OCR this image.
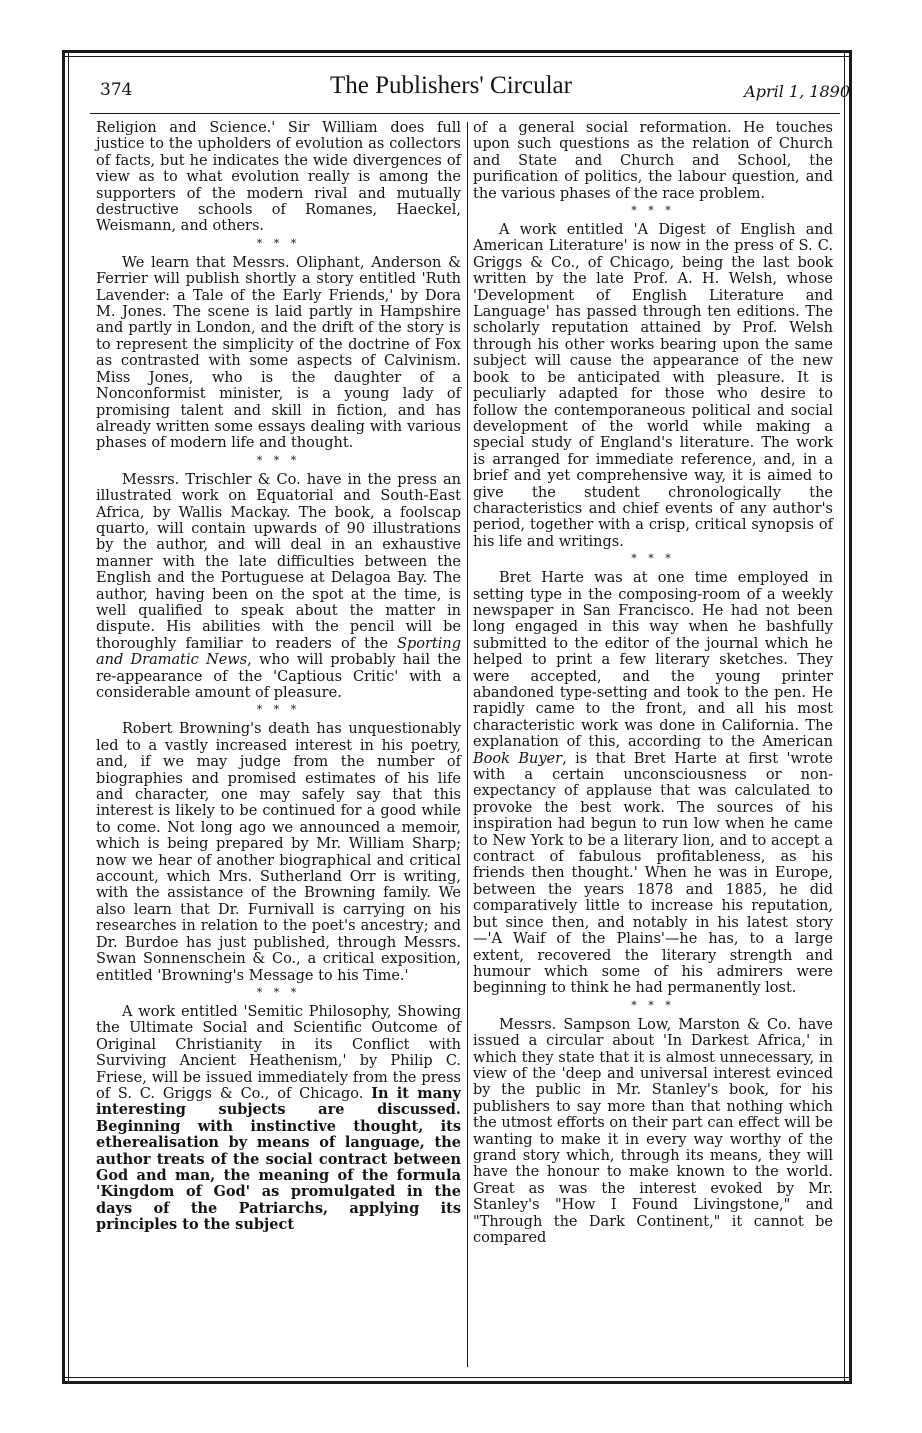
374	The Publishers' Circular	April 1, 1890

Religion and Science.' Sir William does full justice to the upholders of evolution as collectors of facts, but he indicates the wide divergences of view as to what evolution really is among the supporters of the modern rival and mutually destructive schools of Romanes, Haeckel, Weismann, and others.

* * *

We learn that Messrs. Oliphant, Anderson & Ferrier will publish shortly a story entitled 'Ruth Lavender: a Tale of the Early Friends,' by Dora M. Jones. The scene is laid partly in Hampshire and partly in London, and the drift of the story is to represent the simplicity of the doctrine of Fox as contrasted with some aspects of Calvinism. Miss Jones, who is the daughter of a Nonconformist minister, is a young lady of promising talent and skill in fiction, and has already written some essays dealing with various phases of modern life and thought.

* * *

Messrs. Trischler & Co. have in the press an illustrated work on Equatorial and South-East Africa, by Wallis Mackay. The book, a foolscap quarto, will contain upwards of 90 illustrations by the author, and will deal in an exhaustive manner with the late difficulties between the English and the Portuguese at Delagoa Bay. The author, having been on the spot at the time, is well qualified to speak about the matter in dispute. His abilities with the pencil will be thoroughly familiar to readers of the Sporting and Dramatic News, who will probably hail the re-appearance of the 'Captious Critic' with a considerable amount of pleasure.

* * *

Robert Browning's death has unquestionably led to a vastly increased interest in his poetry, and, if we may judge from the number of biographies and promised estimates of his life and character, one may safely say that this interest is likely to be continued for a good while to come. Not long ago we announced a memoir, which is being prepared by Mr. William Sharp; now we hear of another biographical and critical account, which Mrs. Sutherland Orr is writing, with the assistance of the Browning family. We also learn that Dr. Furnivall is carrying on his researches in relation to the poet's ancestry; and Dr. Burdoe has just published, through Messrs. Swan Sonnenschein & Co., a critical exposition, entitled 'Browning's Message to his Time.'

* * *

A work entitled 'Semitic Philosophy, Showing the Ultimate Social and Scientific Outcome of Original Christianity in its Conflict with Surviving Ancient Heathenism,' by Philip C. Friese, will be issued immediately from the press of S. C. Griggs & Co., of Chicago. In it many interesting subjects are discussed. Beginning with instinctive thought, its etherealisation by means of language, the author treats of the social contract between God and man, the meaning of the formula 'Kingdom of God' as promulgated in the days of the Patriarchs, applying its principles to the subject

of a general social reformation. He touches upon such questions as the relation of Church and State and Church and School, the purification of politics, the labour question, and the various phases of the race problem.

* * *

A work entitled 'A Digest of English and American Literature' is now in the press of S. C. Griggs & Co., of Chicago, being the last book written by the late Prof. A. H. Welsh, whose 'Development of English Literature and Language' has passed through ten editions. The scholarly reputation attained by Prof. Welsh through his other works bearing upon the same subject will cause the appearance of the new book to be anticipated with pleasure. It is peculiarly adapted for those who desire to follow the contemporaneous political and social development of the world while making a special study of England's literature. The work is arranged for immediate reference, and, in a brief and yet comprehensive way, it is aimed to give the student chronologically the characteristics and chief events of any author's period, together with a crisp, critical synopsis of his life and writings.

* * *

Bret Harte was at one time employed in setting type in the composing-room of a weekly newspaper in San Francisco. He had not been long engaged in this way when he bashfully submitted to the editor of the journal which he helped to print a few literary sketches. They were accepted, and the young printer abandoned type-setting and took to the pen. He rapidly came to the front, and all his most characteristic work was done in California. The explanation of this, according to the American Book Buyer, is that Bret Harte at first 'wrote with a certain unconsciousness or non-expectancy of applause that was calculated to provoke the best work. The sources of his inspiration had begun to run low when he came to New York to be a literary lion, and to accept a contract of fabulous profitableness, as his friends then thought.' When he was in Europe, between the years 1878 and 1885, he did comparatively little to increase his reputation, but since then, and notably in his latest story—'A Waif of the Plains'—he has, to a large extent, recovered the literary strength and humour which some of his admirers were beginning to think he had permanently lost.

* * *

Messrs. Sampson Low, Marston & Co. have issued a circular about 'In Darkest Africa,' in which they state that it is almost unnecessary, in view of the 'deep and universal interest evinced by the public in Mr. Stanley's book, for his publishers to say more than that nothing which the utmost efforts on their part can effect will be wanting to make it in every way worthy of the grand story which, through its means, they will have the honour to make known to the world. Great as was the interest evoked by Mr. Stanley's "How I Found Livingstone," and "Through the Dark Continent," it cannot be compared
